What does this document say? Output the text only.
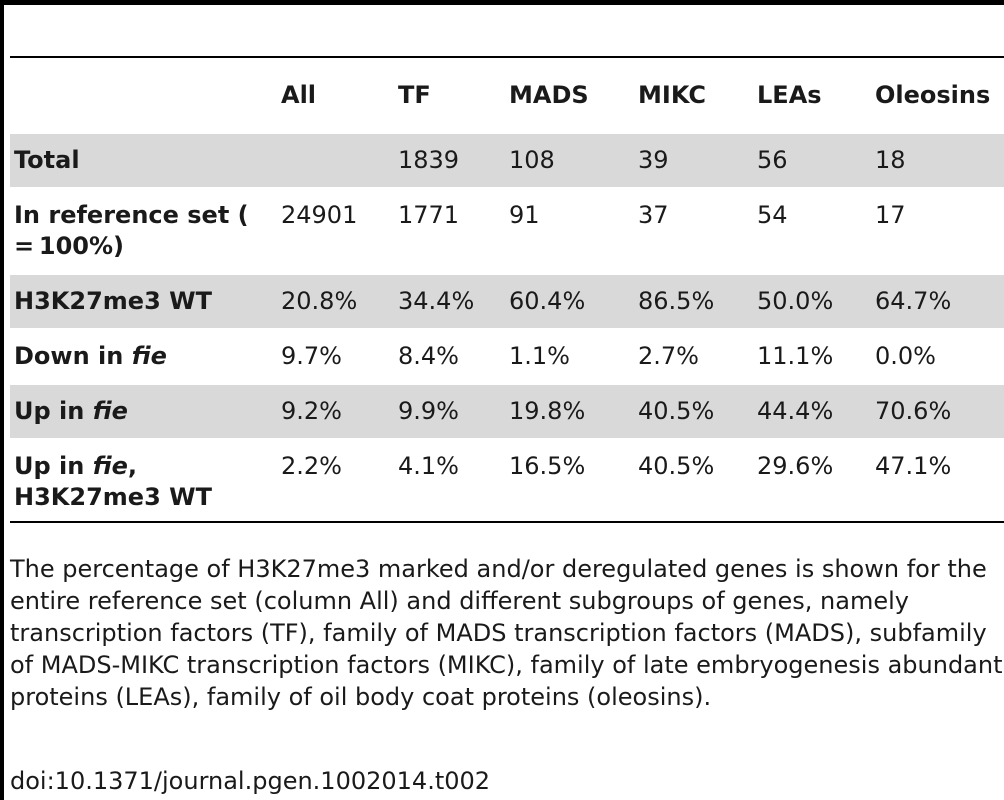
	All	TF	MADS	MIKC	LEAs	Oleosins
Total		1839	108	39	56	18
In reference set ( = 100%)	24901	1771	91	37	54	17
H3K27me3 WT	20.8%	34.4%	60.4%	86.5%	50.0%	64.7%
Down in fie	9.7%	8.4%	1.1%	2.7%	11.1%	0.0%
Up in fie	9.2%	9.9%	19.8%	40.5%	44.4%	70.6%
Up in fie, H3K27me3 WT	2.2%	4.1%	16.5%	40.5%	29.6%	47.1%

The percentage of H3K27me3 marked and/or deregulated genes is shown for the entire reference set (column All) and different subgroups of genes, namely transcription factors (TF), family of MADS transcription factors (MADS), subfamily of MADS-MIKC transcription factors (MIKC), family of late embryogenesis abundant proteins (LEAs), family of oil body coat proteins (oleosins).

doi:10.1371/journal.pgen.1002014.t002
